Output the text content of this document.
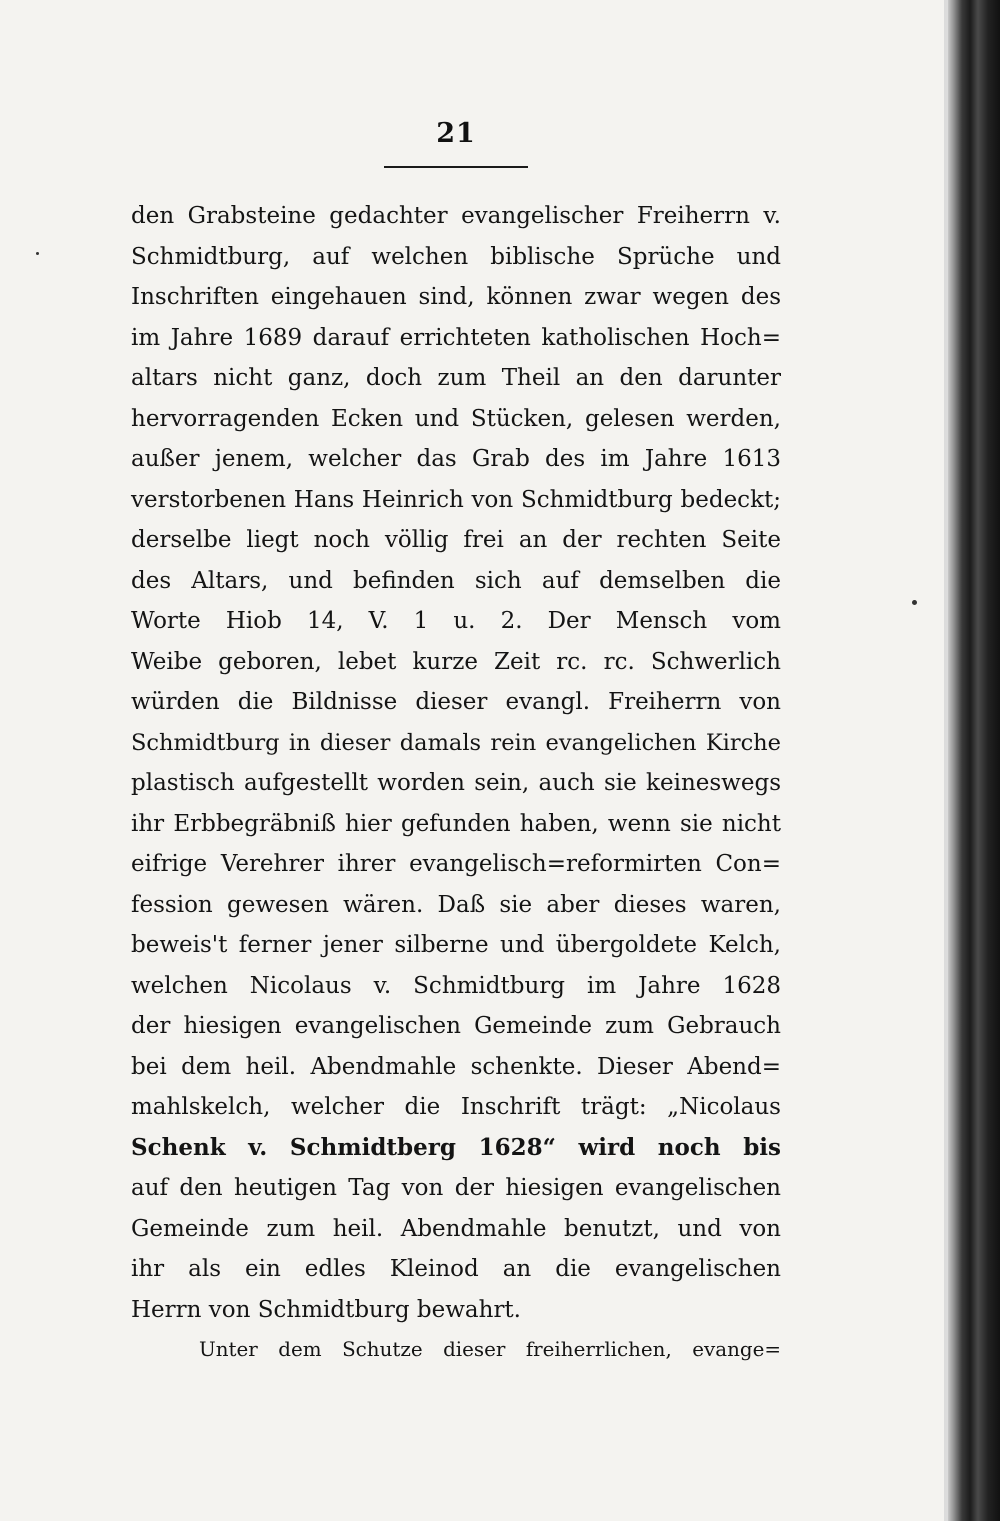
21
den Grabsteine gedachter evangelischer Freiherrn v.
Schmidtburg, auf welchen biblische Sprüche und
Inschriften eingehauen sind, können zwar wegen des
im Jahre 1689 darauf errichteten katholischen Hoch=
altars nicht ganz, doch zum Theil an den darunter
hervorragenden Ecken und Stücken, gelesen werden,
außer jenem, welcher das Grab des im Jahre 1613
verstorbenen Hans Heinrich von Schmidtburg bedeckt;
derselbe liegt noch völlig frei an der rechten Seite
des Altars, und befinden sich auf demselben die
Worte Hiob 14, V. 1 u. 2. Der Mensch vom
Weibe geboren, lebet kurze Zeit rc. rc. Schwerlich
würden die Bildnisse dieser evangl. Freiherrn von
Schmidtburg in dieser damals rein evangelichen Kirche
plastisch aufgestellt worden sein, auch sie keineswegs
ihr Erbbegräbniß hier gefunden haben, wenn sie nicht
eifrige Verehrer ihrer evangelisch=reformirten Con=
fession gewesen wären. Daß sie aber dieses waren,
beweis't ferner jener silberne und übergoldete Kelch,
welchen Nicolaus v. Schmidtburg im Jahre 1628
der hiesigen evangelischen Gemeinde zum Gebrauch
bei dem heil. Abendmahle schenkte. Dieser Abend=
mahlskelch, welcher die Inschrift trägt: „Nicolaus
Schenk v. Schmidtberg 1628“ wird noch bis
auf den heutigen Tag von der hiesigen evangelischen
Gemeinde zum heil. Abendmahle benutzt, und von
ihr als ein edles Kleinod an die evangelischen
Herrn von Schmidtburg bewahrt.
Unter dem Schutze dieser freiherrlichen, evange=
